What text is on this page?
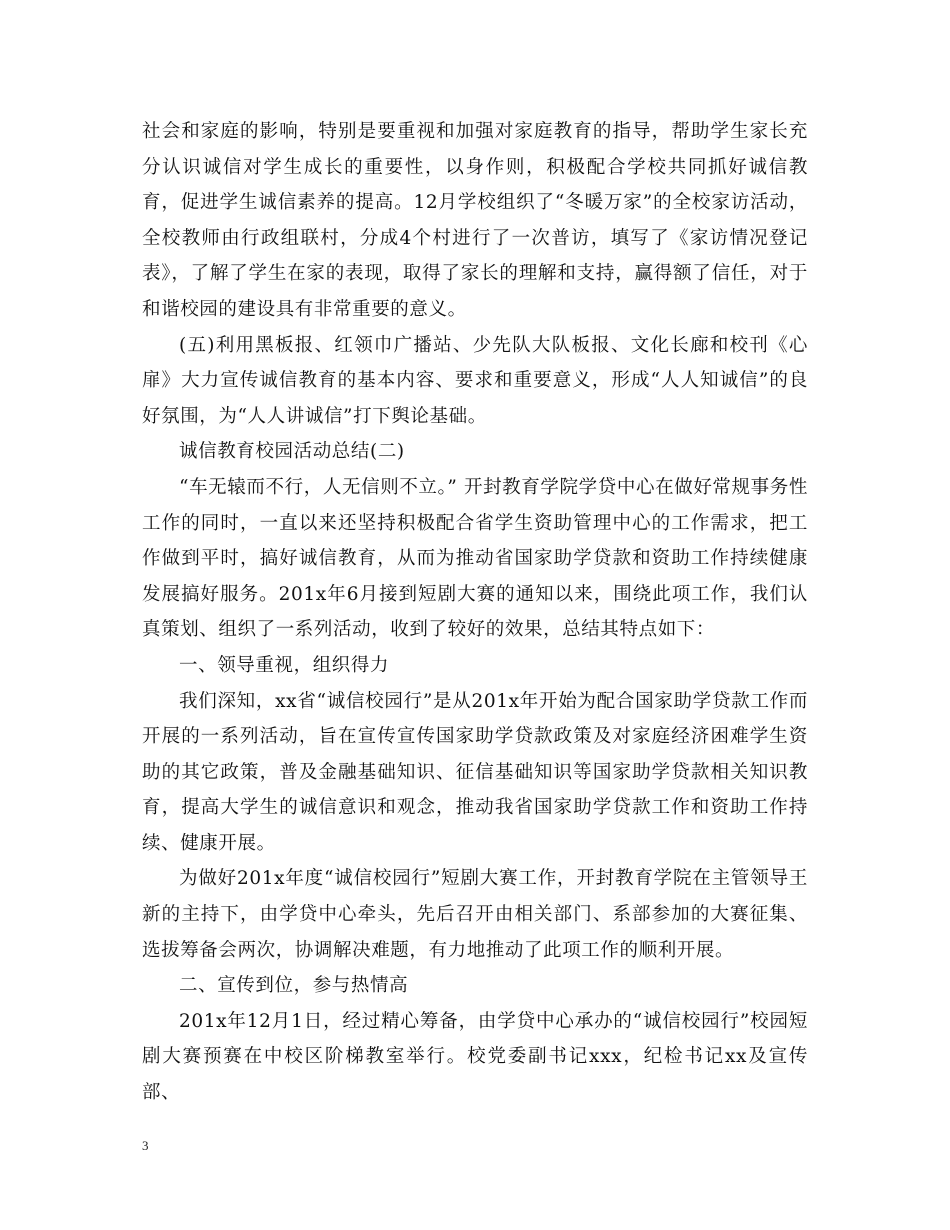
社会和家庭的影响，特别是要重视和加强对家庭教育的指导，帮助学生家长充分认识诚信对学生成长的重要性，以身作则，积极配合学校共同抓好诚信教育，促进学生诚信素养的提高。12月学校组织了“冬暖万家”的全校家访活动，全校教师由行政组联村，分成4个村进行了一次普访，填写了《家访情况登记表》，了解了学生在家的表现，取得了家长的理解和支持，赢得额了信任，对于和谐校园的建设具有非常重要的意义。

(五)利用黑板报、红领巾广播站、少先队大队板报、文化长廊和校刊《心扉》大力宣传诚信教育的基本内容、要求和重要意义，形成“人人知诚信”的良好氛围，为“人人讲诚信”打下舆论基础。

诚信教育校园活动总结(二)

“车无辕而不行，人无信则不立。” 开封教育学院学贷中心在做好常规事务性工作的同时，一直以来还坚持积极配合省学生资助管理中心的工作需求，把工作做到平时，搞好诚信教育，从而为推动省国家助学贷款和资助工作持续健康发展搞好服务。201x年6月接到短剧大赛的通知以来，围绕此项工作，我们认真策划、组织了一系列活动，收到了较好的效果，总结其特点如下：

一、领导重视，组织得力

我们深知，xx省“诚信校园行”是从201x年开始为配合国家助学贷款工作而开展的一系列活动，旨在宣传宣传国家助学贷款政策及对家庭经济困难学生资助的其它政策，普及金融基础知识、征信基础知识等国家助学贷款相关知识教育，提高大学生的诚信意识和观念，推动我省国家助学贷款工作和资助工作持续、健康开展。

为做好201x年度“诚信校园行”短剧大赛工作，开封教育学院在主管领导王新的主持下，由学贷中心牵头，先后召开由相关部门、系部参加的大赛征集、选拔筹备会两次，协调解决难题，有力地推动了此项工作的顺利开展。

二、宣传到位，参与热情高

201x年12月1日，经过精心筹备，由学贷中心承办的“诚信校园行”校园短剧大赛预赛在中校区阶梯教室举行。校党委副书记xxx，纪检书记xx及宣传部、

3
